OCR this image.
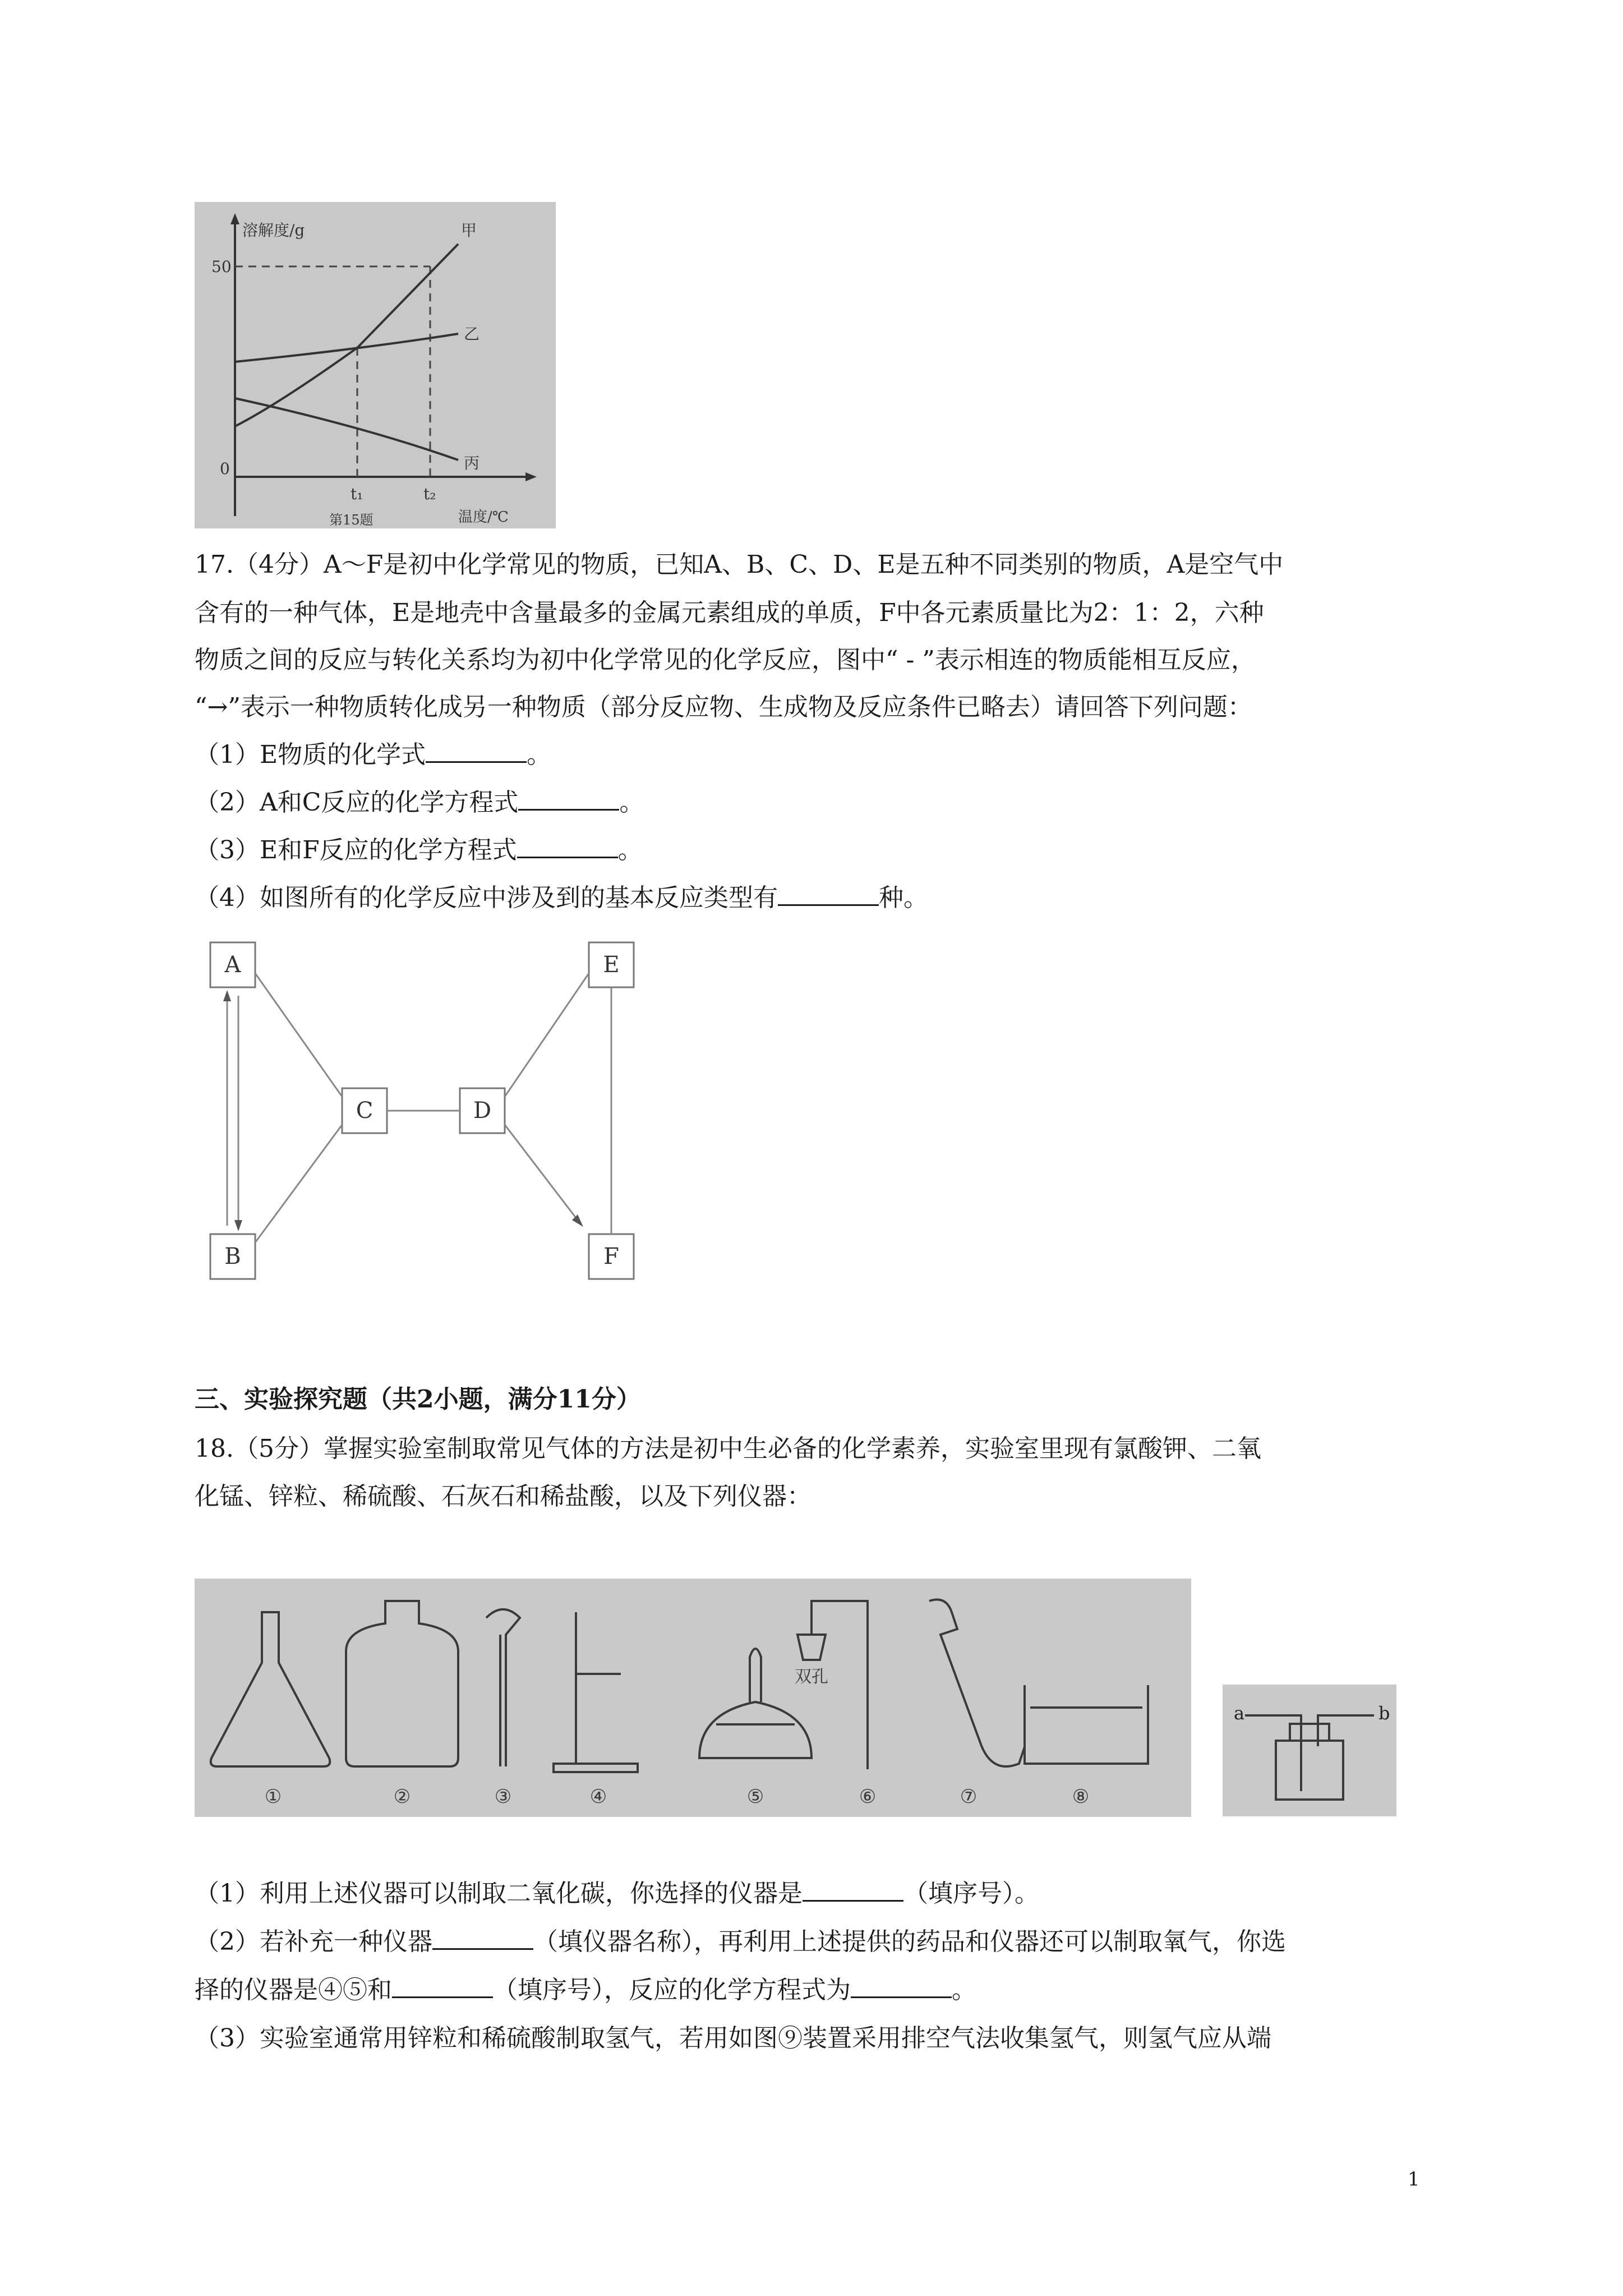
溶解度/g
50
0
t₁	t₂
温度/℃
第15题
甲
乙
丙
17.（4分）A～F是初中化学常见的物质，已知A、B、C、D、E是五种不同类别的物质，A是空气中
含有的一种气体，E是地壳中含量最多的金属元素组成的单质，F中各元素质量比为2：1：2，六种
物质之间的反应与转化关系均为初中化学常见的化学反应，图中“ - ”表示相连的物质能相互反应，
“→”表示一种物质转化成另一种物质（部分反应物、生成物及反应条件已略去）请回答下列问题：
（1）E物质的化学式	。
（2）A和C反应的化学方程式	。
（3）E和F反应的化学方程式	。
（4）如图所有的化学反应中涉及到的基本反应类型有	种。
A
B
C	D
E
F
三、实验探究题（共2小题，满分11分）
18.（5分）掌握实验室制取常见气体的方法是初中生必备的化学素养，实验室里现有氯酸钾、二氧
化锰、锌粒、稀硫酸、石灰石和稀盐酸，以及下列仪器：
①	②	③	④	⑤	⑥	⑦	⑧
双孔
a	b
（1）利用上述仪器可以制取二氧化碳，你选择的仪器是	（填序号）。
（2）若补充一种仪器	（填仪器名称），再利用上述提供的药品和仪器还可以制取氧气，你选
择的仪器是④⑤和	（填序号），反应的化学方程式为	。
（3）实验室通常用锌粒和稀硫酸制取氢气，若用如图⑨装置采用排空气法收集氢气，则氢气应从端
1
